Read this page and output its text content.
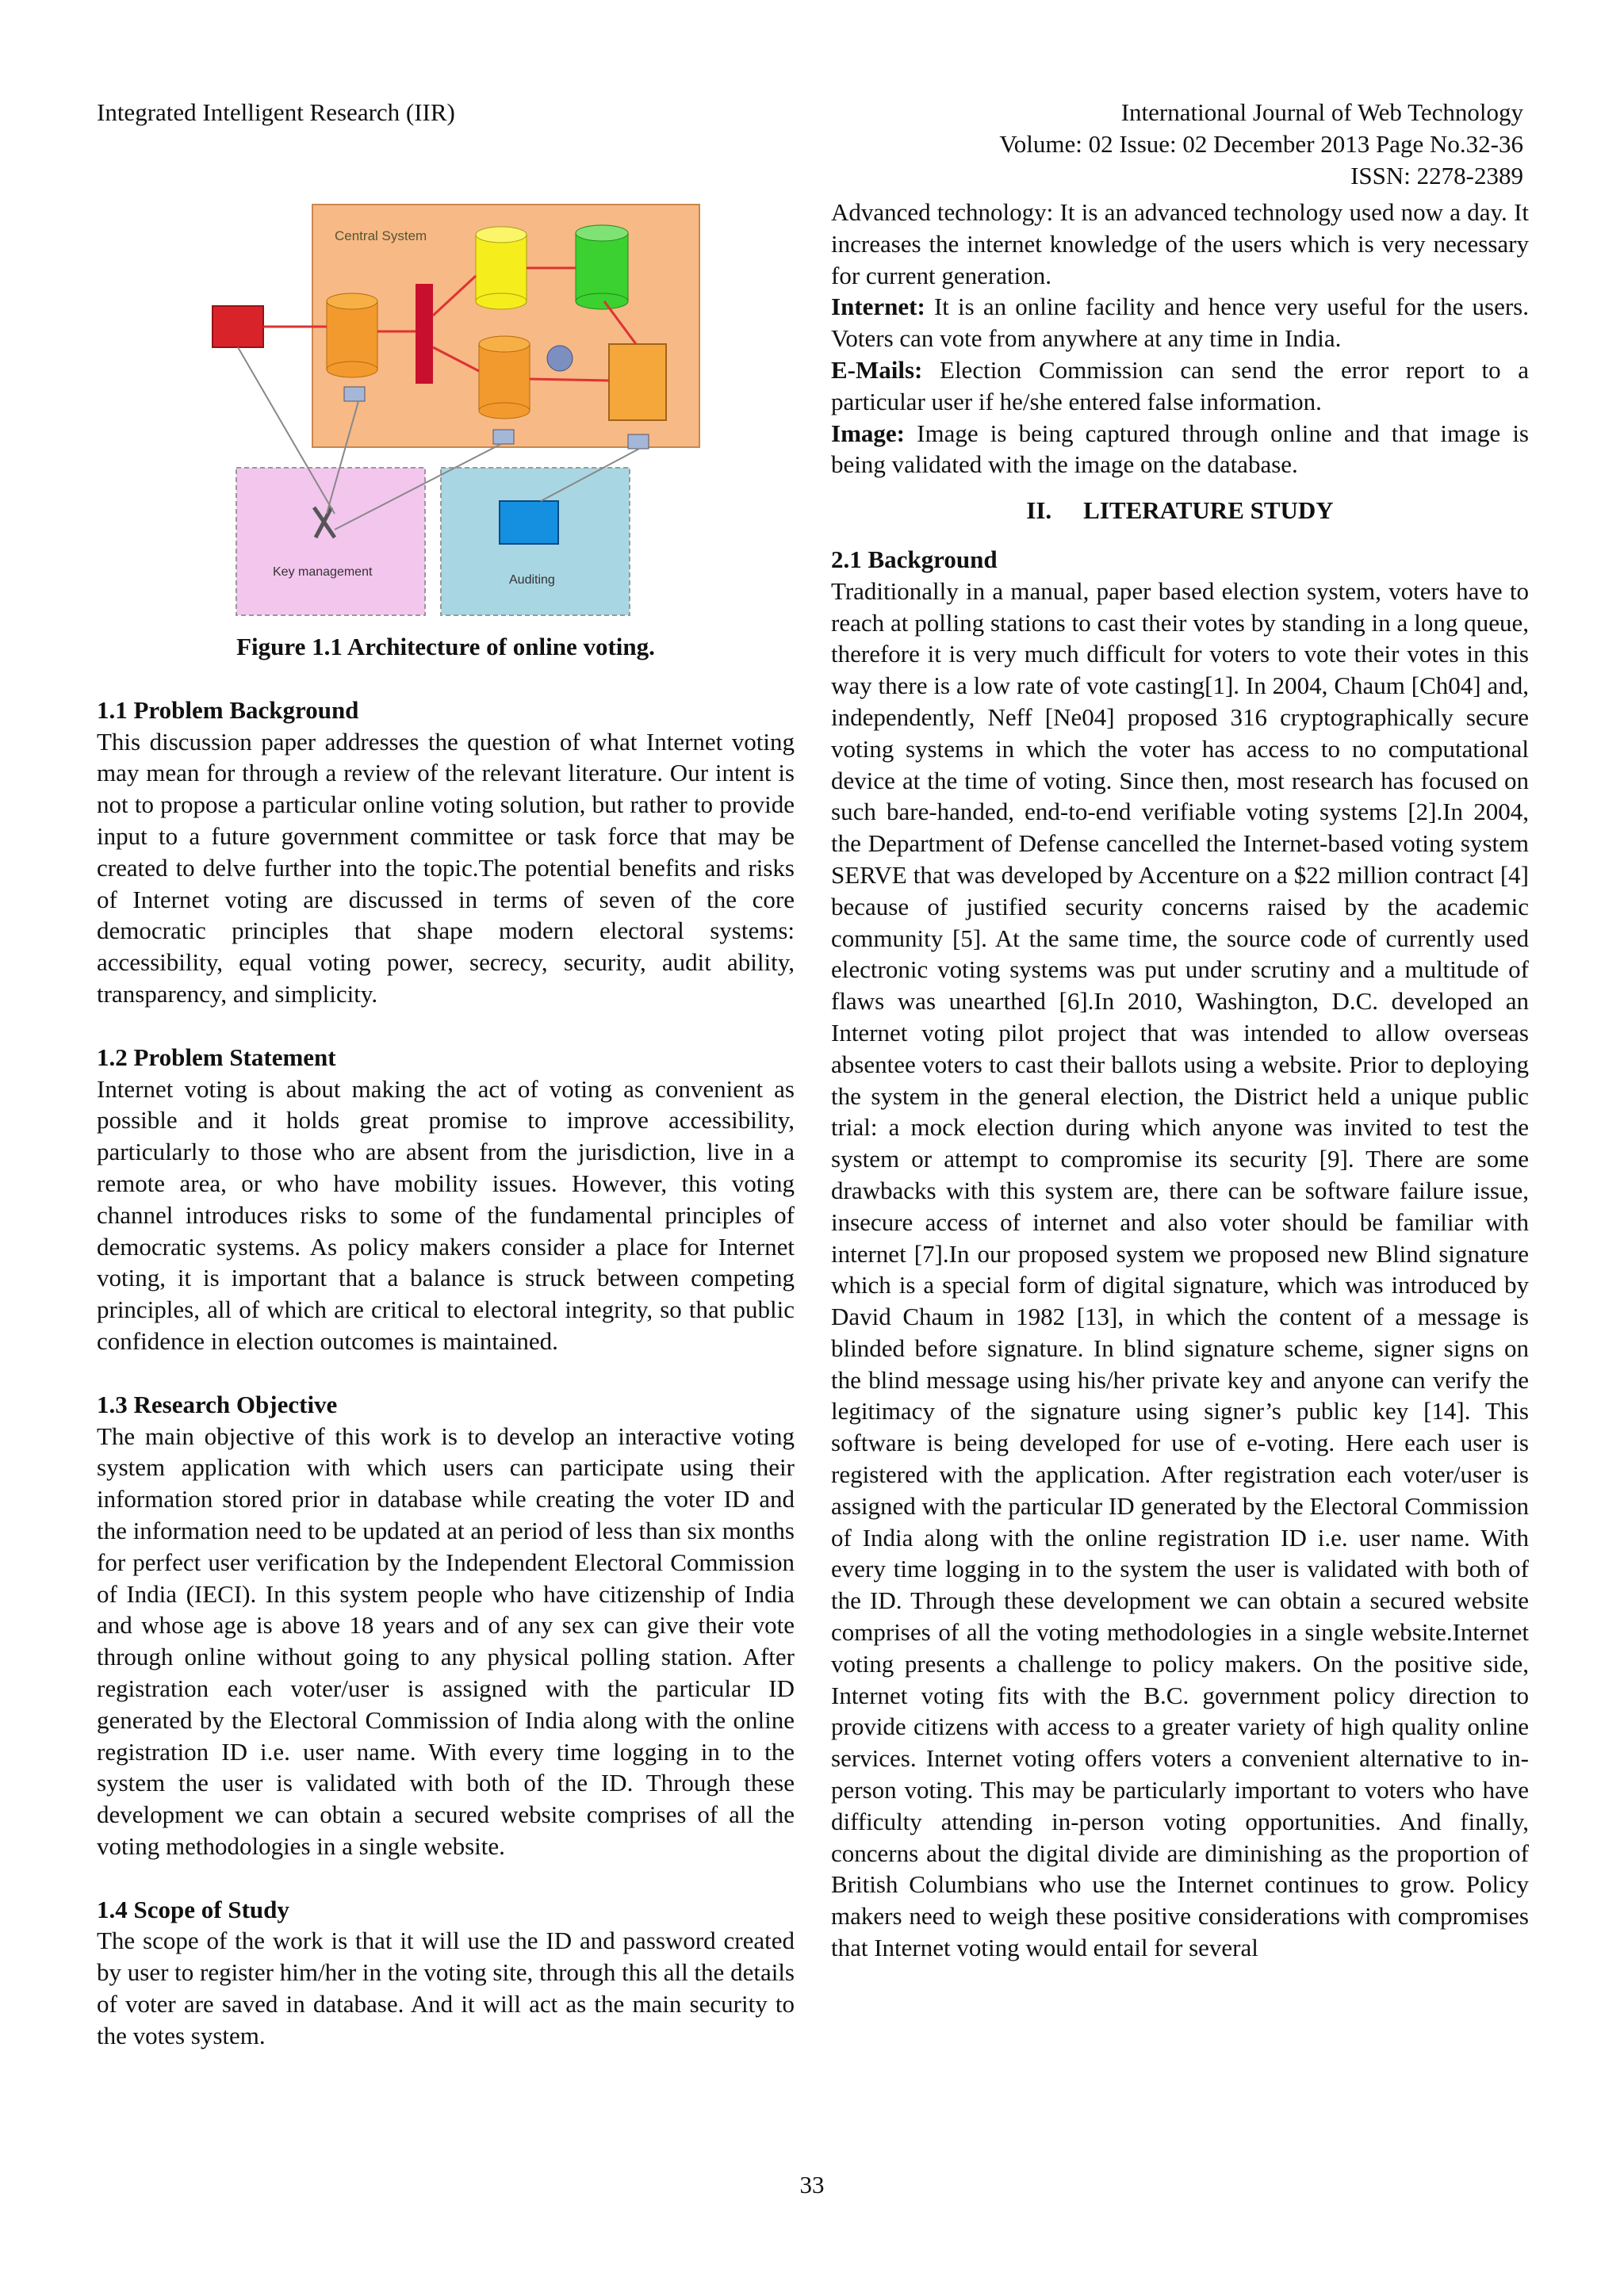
Integrated Intelligent Research (IIR)	International Journal of Web Technology
Volume: 02 Issue: 02 December 2013 Page No.32-36
ISSN: 2278-2389
Central System
Key management
Auditing

Figure 1.1 Architecture of online voting.

1.1 Problem Background

This discussion paper addresses the question of what Internet voting may mean for through a review of the relevant literature. Our intent is not to propose a particular online voting solution, but rather to provide input to a future government committee or task force that may be created to delve further into the topic.The potential benefits and risks of Internet voting are discussed in terms of seven of the core democratic principles that shape modern electoral systems: accessibility, equal voting power, secrecy, security, audit ability, transparency, and simplicity.

1.2 Problem Statement

Internet voting is about making the act of voting as convenient as possible and it holds great promise to improve accessibility, particularly to those who are absent from the jurisdiction, live in a remote area, or who have mobility issues. However, this voting channel introduces risks to some of the fundamental principles of democratic systems. As policy makers consider a place for Internet voting, it is important that a balance is struck between competing principles, all of which are critical to electoral integrity, so that public confidence in election outcomes is maintained.

1.3 Research Objective

The main objective of this work is to develop an interactive voting system application with which users can participate using their information stored prior in database while creating the voter ID and the information need to be updated at an period of less than six months for perfect user verification by the Independent Electoral Commission of India (IECI). In this system people who have citizenship of India and whose age is above 18 years and of any sex can give their vote through online without going to any physical polling station. After registration each voter/user is assigned with the particular ID generated by the Electoral Commission of India along with the online registration ID i.e. user name. With every time logging in to the system the user is validated with both of the ID. Through these development we can obtain a secured website comprises of all the voting methodologies in a single website.

1.4 Scope of Study

The scope of the work is that it will use the ID and password created by user to register him/her in the voting site, through this all the details of voter are saved in database. And it will act as the main security to the votes system.

Advanced technology: It is an advanced technology used now a day. It increases the internet knowledge of the users which is very necessary for current generation.

Internet: It is an online facility and hence very useful for the users. Voters can vote from anywhere at any time in India.

E-Mails: Election Commission can send the error report to a particular user if he/she entered false information.

Image: Image is being captured through online and that image is being validated with the image on the database.

II. LITERATURE STUDY

2.1 Background

Traditionally in a manual, paper based election system, voters have to reach at polling stations to cast their votes by standing in a long queue, therefore it is very much difficult for voters to vote their votes in this way there is a low rate of vote casting[1]. In 2004, Chaum [Ch04] and, independently, Neff [Ne04] proposed 316 cryptographically secure voting systems in which the voter has access to no computational device at the time of voting. Since then, most research has focused on such bare-handed, end-to-end verifiable voting systems [2].In 2004, the Department of Defense cancelled the Internet-based voting system SERVE that was developed by Accenture on a $22 million contract [4] because of justified security concerns raised by the academic community [5]. At the same time, the source code of currently used electronic voting systems was put under scrutiny and a multitude of flaws was unearthed [6].In 2010, Washington, D.C. developed an Internet voting pilot project that was intended to allow overseas absentee voters to cast their ballots using a website. Prior to deploying the system in the general election, the District held a unique public trial: a mock election during which anyone was invited to test the system or attempt to compromise its security [9]. There are some drawbacks with this system are, there can be software failure issue, insecure access of internet and also voter should be familiar with internet [7].In our proposed system we proposed new Blind signature which is a special form of digital signature, which was introduced by David Chaum in 1982 [13], in which the content of a message is blinded before signature. In blind signature scheme, signer signs on the blind message using his/her private key and anyone can verify the legitimacy of the signature using signer’s public key [14]. This software is being developed for use of e-voting. Here each user is registered with the application. After registration each voter/user is assigned with the particular ID generated by the Electoral Commission of India along with the online registration ID i.e. user name. With every time logging in to the system the user is validated with both of the ID. Through these development we can obtain a secured website comprises of all the voting methodologies in a single website.Internet voting presents a challenge to policy makers. On the positive side, Internet voting fits with the B.C. government policy direction to provide citizens with access to a greater variety of high quality online services. Internet voting offers voters a convenient alternative to in-person voting. This may be particularly important to voters who have difficulty attending in-person voting opportunities. And finally, concerns about the digital divide are diminishing as the proportion of British Columbians who use the Internet continues to grow. Policy makers need to weigh these positive considerations with compromises that Internet voting would entail for several

33
